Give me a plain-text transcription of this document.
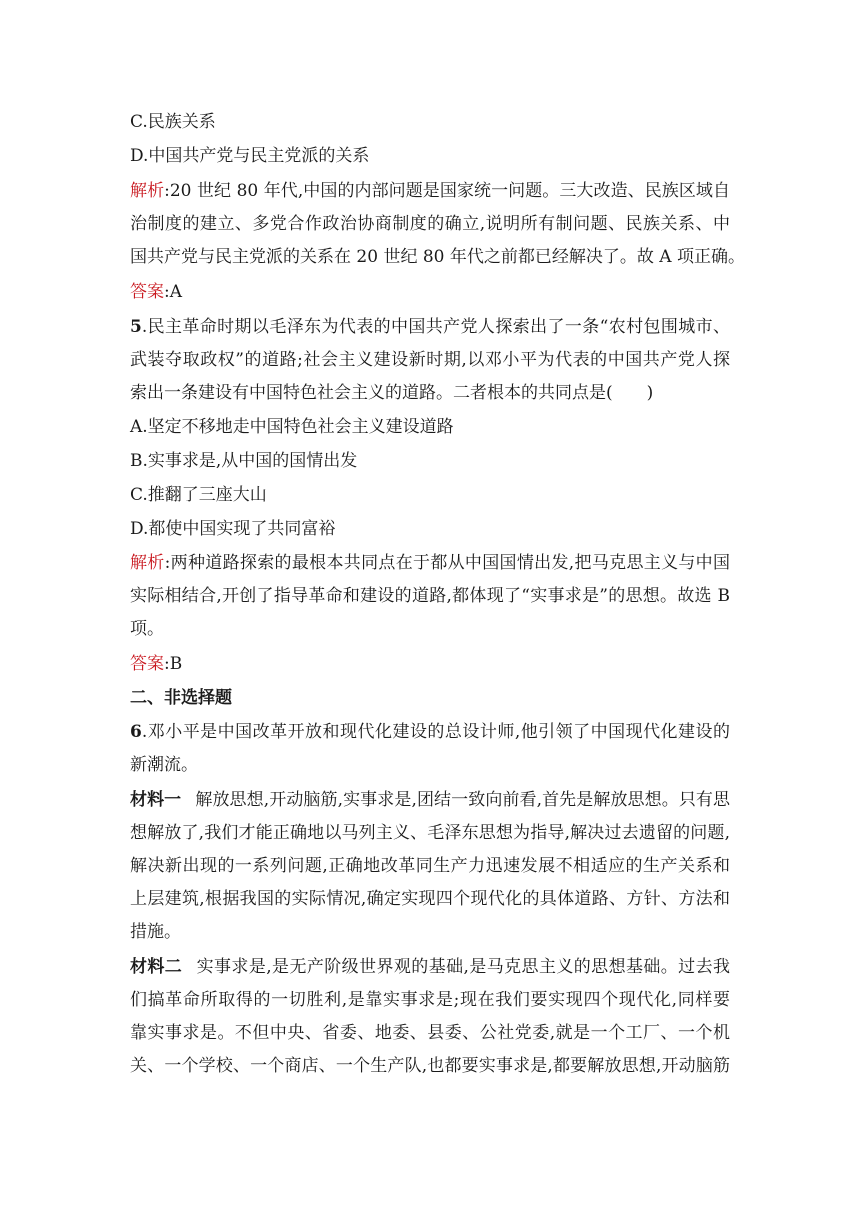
C.民族关系
D.中国共产党与民主党派的关系
解析:20 世纪 80 年代,中国的内部问题是国家统一问题。三大改造、民族区域自
治制度的建立、多党合作政治协商制度的确立,说明所有制问题、民族关系、中
国共产党与民主党派的关系在 20 世纪 80 年代之前都已经解决了。故 A 项正确。
答案:A
5.民主革命时期以毛泽东为代表的中国共产党人探索出了一条“农村包围城市、
武装夺取政权”的道路;社会主义建设新时期,以邓小平为代表的中国共产党人探
索出一条建设有中国特色社会主义的道路。二者根本的共同点是(　　)
A.坚定不移地走中国特色社会主义建设道路
B.实事求是,从中国的国情出发
C.推翻了三座大山
D.都使中国实现了共同富裕
解析:两种道路探索的最根本共同点在于都从中国国情出发,把马克思主义与中国
实际相结合,开创了指导革命和建设的道路,都体现了“实事求是”的思想。故选 B
项。
答案:B
二、非选择题
6.邓小平是中国改革开放和现代化建设的总设计师,他引领了中国现代化建设的
新潮流。
材料一 解放思想,开动脑筋,实事求是,团结一致向前看,首先是解放思想。只有思
想解放了,我们才能正确地以马列主义、毛泽东思想为指导,解决过去遗留的问题,
解决新出现的一系列问题,正确地改革同生产力迅速发展不相适应的生产关系和
上层建筑,根据我国的实际情况,确定实现四个现代化的具体道路、方针、方法和
措施。
材料二 实事求是,是无产阶级世界观的基础,是马克思主义的思想基础。过去我
们搞革命所取得的一切胜利,是靠实事求是;现在我们要实现四个现代化,同样要
靠实事求是。不但中央、省委、地委、县委、公社党委,就是一个工厂、一个机
关、一个学校、一个商店、一个生产队,也都要实事求是,都要解放思想,开动脑筋
